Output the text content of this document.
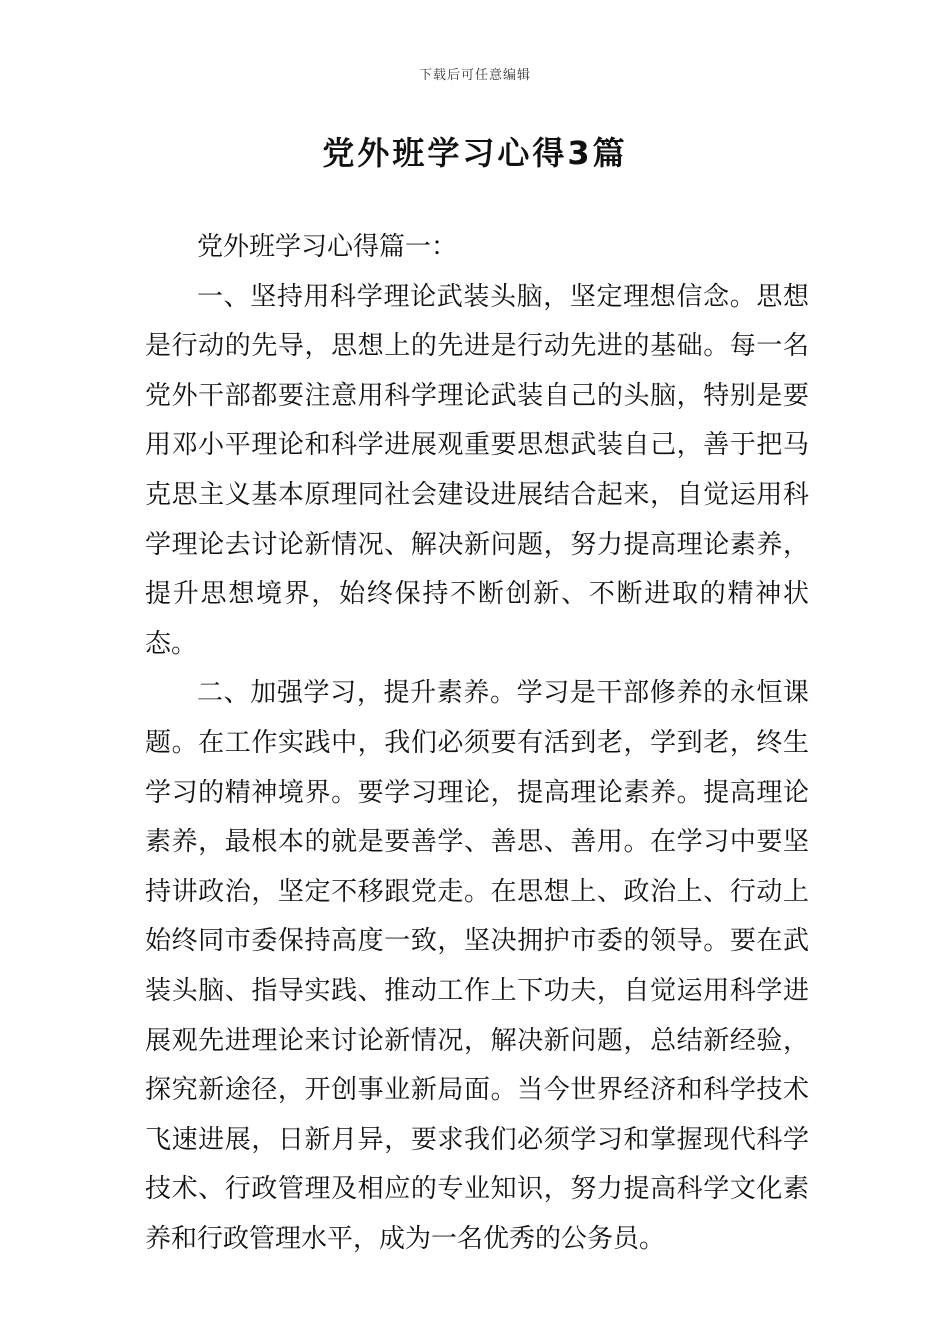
下载后可任意编辑
党外班学习心得3篇

党外班学习心得篇一：

一、坚持用科学理论武装头脑，坚定理想信念。思想是行动的先导，思想上的先进是行动先进的基础。每一名党外干部都要注意用科学理论武装自己的头脑，特别是要用邓小平理论和科学进展观重要思想武装自己，善于把马克思主义基本原理同社会建设进展结合起来，自觉运用科学理论去讨论新情况、解决新问题，努力提高理论素养，提升思想境界，始终保持不断创新、不断进取的精神状态。

二、加强学习，提升素养。学习是干部修养的永恒课题。在工作实践中，我们必须要有活到老，学到老，终生学习的精神境界。要学习理论，提高理论素养。提高理论素养，最根本的就是要善学、善思、善用。在学习中要坚持讲政治，坚定不移跟党走。在思想上、政治上、行动上始终同市委保持高度一致，坚决拥护市委的领导。要在武装头脑、指导实践、推动工作上下功夫，自觉运用科学进展观先进理论来讨论新情况，解决新问题，总结新经验，探究新途径，开创事业新局面。当今世界经济和科学技术飞速进展，日新月异，要求我们必须学习和掌握现代科学技术、行政管理及相应的专业知识，努力提高科学文化素养和行政管理水平，成为一名优秀的公务员。
